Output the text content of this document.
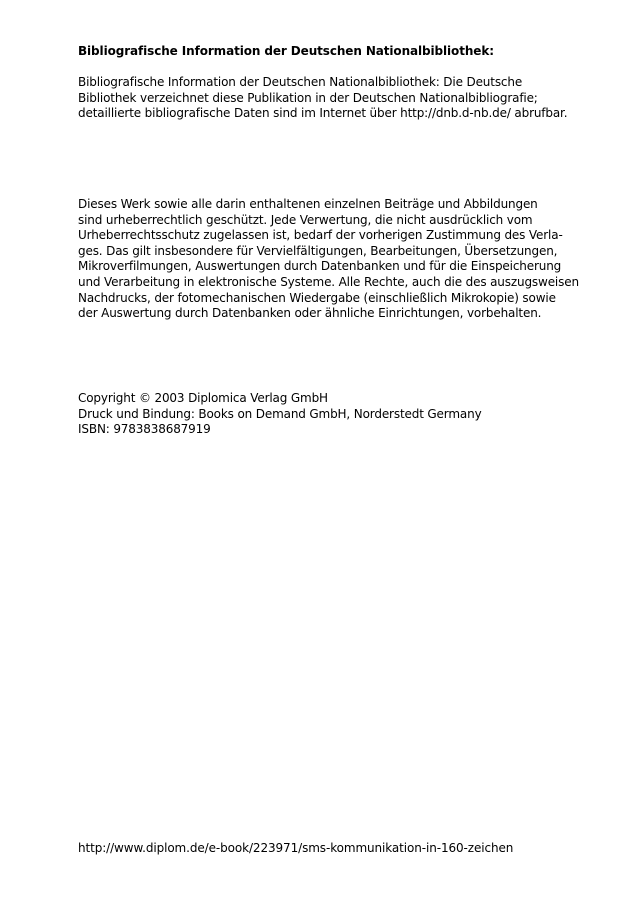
Bibliografische Information der Deutschen Nationalbibliothek:
Bibliografische Information der Deutschen Nationalbibliothek: Die Deutsche
Bibliothek verzeichnet diese Publikation in der Deutschen Nationalbibliografie;
detaillierte bibliografische Daten sind im Internet über http://dnb.d-nb.de/ abrufbar.
Dieses Werk sowie alle darin enthaltenen einzelnen Beiträge und Abbildungen
sind urheberrechtlich geschützt. Jede Verwertung, die nicht ausdrücklich vom
Urheberrechtsschutz zugelassen ist, bedarf der vorherigen Zustimmung des Verla-
ges. Das gilt insbesondere für Vervielfältigungen, Bearbeitungen, Übersetzungen,
Mikroverfilmungen, Auswertungen durch Datenbanken und für die Einspeicherung
und Verarbeitung in elektronische Systeme. Alle Rechte, auch die des auszugsweisen
Nachdrucks, der fotomechanischen Wiedergabe (einschließlich Mikrokopie) sowie
der Auswertung durch Datenbanken oder ähnliche Einrichtungen, vorbehalten.
Copyright © 2003 Diplomica Verlag GmbH
Druck und Bindung: Books on Demand GmbH, Norderstedt Germany
ISBN: 9783838687919
http://www.diplom.de/e-book/223971/sms-kommunikation-in-160-zeichen
